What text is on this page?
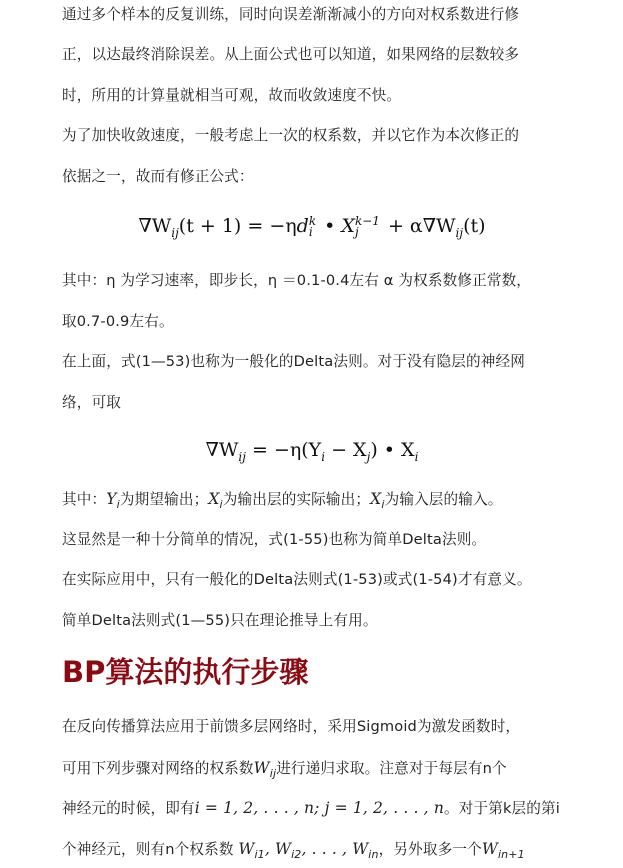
通过多个样本的反复训练，同时向误差渐渐减小的方向对权系数进行修
正，以达最终消除误差。从上面公式也可以知道，如果网络的层数较多
时，所用的计算量就相当可观，故而收敛速度不快。
为了加快收敛速度，一般考虑上一次的权系数，并以它作为本次修正的
依据之一，故而有修正公式：
$\nabla W_{ij}(t + 1) = -\eta d$ k
i • X k−1
j	+ $\alpha\nabla W_{ij}(t)$
其中：η 为学习速率，即步长，η ＝0.1-0.4左右 α 为权系数修正常数，
取0.7-0.9左右。
在上面，式(1—53)也称为一般化的Delta法则。对于没有隐层的神经网
络，可取
$\nabla W_{ij} = -\eta(Y_i - X_j)$ • $X_i$
其中：$Y_i$为期望输出；$X_i$为输出层的实际输出；$X_i$为输入层的输入。
这显然是一种十分简单的情况，式(1-55)也称为简单Delta法则。
在实际应用中，只有一般化的Delta法则式(1-53)或式(1-54)才有意义。
简单Delta法则式(1—55)只在理论推导上有用。
BP算法的执行步骤
在反向传播算法应用于前馈多层网络时，采用Sigmoid为激发函数时，
可用下列步骤对网络的权系数$W_{ij}$进行递归求取。注意对于每层有n个
神经元的时候，即有i = 1, 2, . . . , n; j = 1, 2, . . . , n。对于第k层的第i
个神经元，则有n个权系数 $W_{i1}$, $W_{i2}$, . . . , $W_{in}$，另外取多一个$W_{in+1}$
